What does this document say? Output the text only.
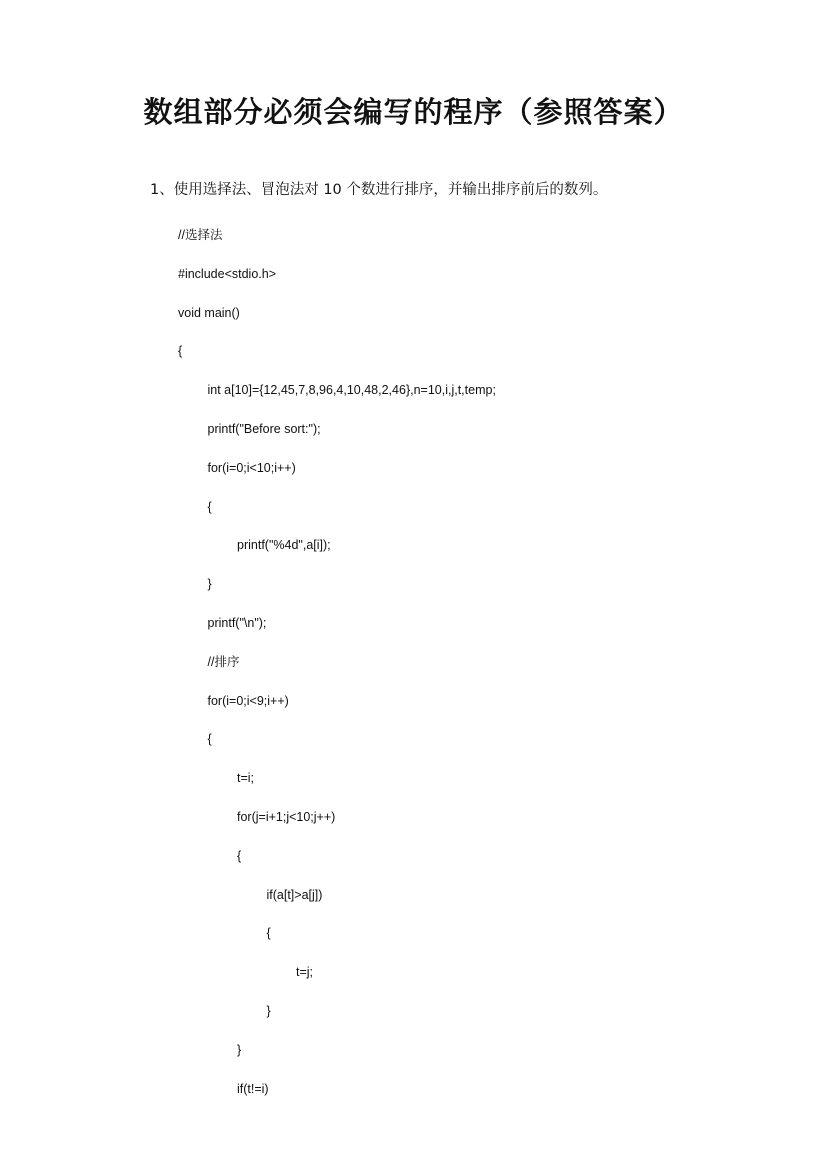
数组部分必须会编写的程序（参照答案）
1、使用选择法、冒泡法对 10 个数进行排序，并输出排序前后的数列。
//选择法
#include<stdio.h>
void main()
{
int a[10]={12,45,7,8,96,4,10,48,2,46},n=10,i,j,t,temp;
printf("Before sort:");
for(i=0;i<10;i++)
{
printf("%4d",a[i]);
}
printf("\n");
//排序
for(i=0;i<9;i++)
{
t=i;
for(j=i+1;j<10;j++)
{
if(a[t]>a[j])
{
t=j;
}
}
if(t!=i)
